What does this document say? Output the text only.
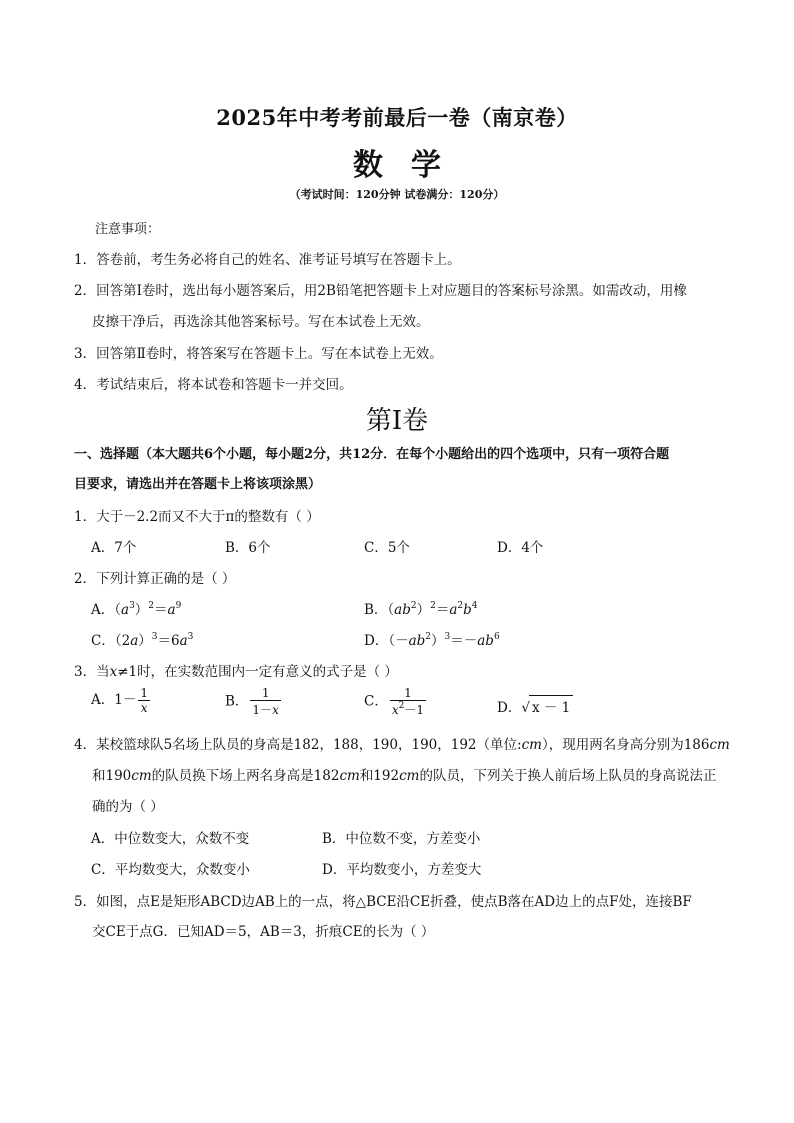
2025年中考考前最后一卷（南京卷）
数学
（考试时间：120分钟 试卷满分：120分）
注意事项：
1．答卷前，考生务必将自己的姓名、准考证号填写在答题卡上。
2．回答第Ⅰ卷时，选出每小题答案后，用2B铅笔把答题卡上对应题目的答案标号涂黑。如需改动，用橡
皮擦干净后，再选涂其他答案标号。写在本试卷上无效。
3．回答第Ⅱ卷时，将答案写在答题卡上。写在本试卷上无效。
4．考试结束后，将本试卷和答题卡一并交回。
第Ⅰ卷
一、选择题（本大题共6个小题，每小题2分，共12分．在每个小题给出的四个选项中，只有一项符合题
目要求，请选出并在答题卡上将该项涂黑）
1．大于－2.2而又不大于π的整数有（ ）
A．7个	B．6个	C．5个	D．4个
2．下列计算正确的是（ ）
A．$(a^3)^2=a^9$	B．$(ab^2)^2=a^2b^4$
C．$(2a)^3=6a^3$	D．$(-ab^2)^3=-ab^6$
3．当x≠1时，在实数范围内一定有意义的式子是（ ）
A．$1- \frac{1}{x}$	B． $\frac{1}{1-x}$	C． $\frac{1}{x^2-1}$	D．√ x － 1
4．某校篮球队5名场上队员的身高是182，188，190，190，192（单位:cm），现用两名身高分别为186cm
和190cm的队员换下场上两名身高是182cm和192cm的队员，下列关于换人前后场上队员的身高说法正
确的为（ ）
A．中位数变大，众数不变	B．中位数不变，方差变小
C．平均数变大，众数变小	D．平均数变小，方差变大
5．如图，点E是矩形ABCD边AB上的一点，将△BCE沿CE折叠，使点B落在AD边上的点F处，连接BF
交CE于点G．已知AD＝5，AB＝3，折痕CE的长为（ ）
